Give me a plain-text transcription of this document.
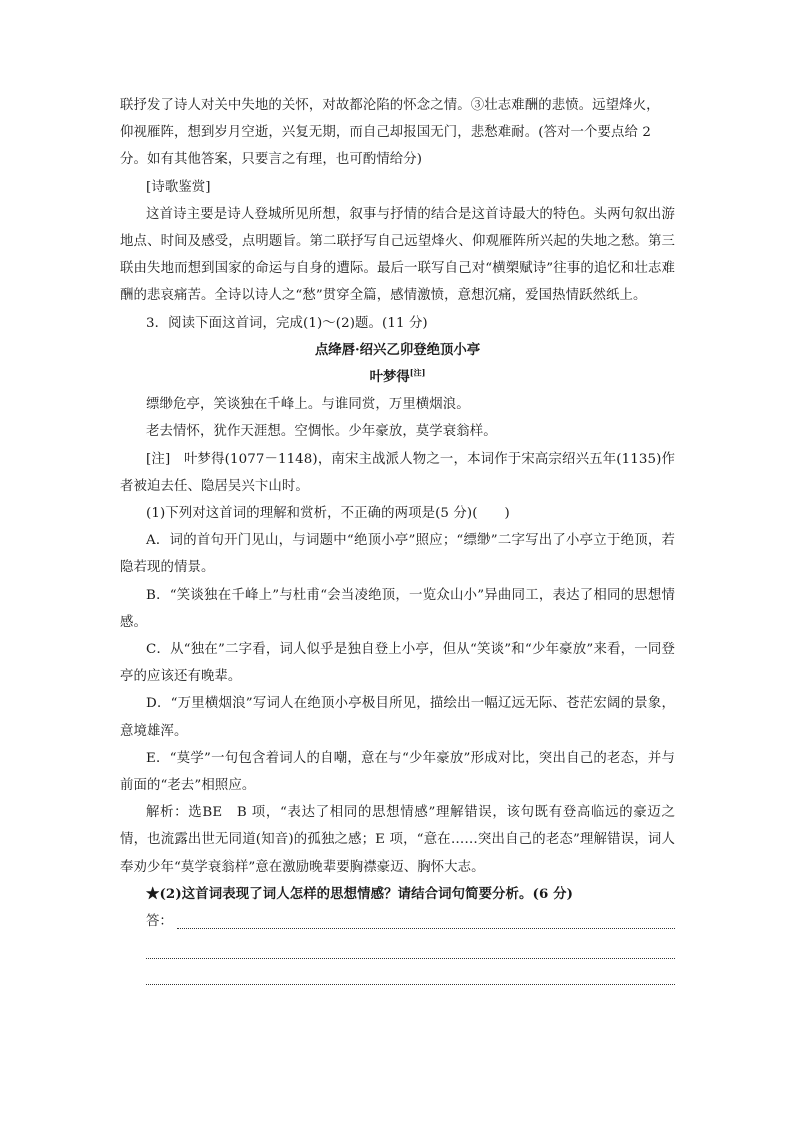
联抒发了诗人对关中失地的关怀，对故都沦陷的怀念之情。③壮志难酬的悲愤。远望烽火，

仰视雁阵，想到岁月空逝，兴复无期，而自己却报国无门，悲愁难耐。(答对一个要点给 2

分。如有其他答案，只要言之有理，也可酌情给分)

[诗歌鉴赏]

这首诗主要是诗人登城所见所想，叙事与抒情的结合是这首诗最大的特色。头两句叙出游地点、时间及感受，点明题旨。第二联抒写自己远望烽火、仰观雁阵所兴起的失地之愁。第三联由失地而想到国家的命运与自身的遭际。最后一联写自己对“横槊赋诗”往事的追忆和壮志难酬的悲哀痛苦。全诗以诗人之“愁”贯穿全篇，感情激愤，意想沉痛，爱国热情跃然纸上。

3．阅读下面这首词，完成(1)～(2)题。(11 分)

点绛唇·绍兴乙卯登绝顶小亭

叶梦得[注]

缥缈危亭，笑谈独在千峰上。与谁同赏，万里横烟浪。

老去情怀，犹作天涯想。空惆怅。少年豪放，莫学衰翁样。

[注]　 叶梦得(1077－1148)，南宋主战派人物之一，本词作于宋高宗绍兴五年(1135)作者被迫去任、隐居吴兴卞山时。

(1)下列对这首词的理解和赏析，不正确的两项是(5 分)(　　)

A．词的首句开门见山，与词题中“绝顶小亭”照应；“缥缈”二字写出了小亭立于绝顶，若隐若现的情景。

B．“笑谈独在千峰上”与杜甫“会当凌绝顶，一览众山小”异曲同工，表达了相同的思想情感。

C．从“独在”二字看，词人似乎是独自登上小亭，但从“笑谈”和“少年豪放”来看，一同登亭的应该还有晚辈。

D．“万里横烟浪”写词人在绝顶小亭极目所见，描绘出一幅辽远无际、苍茫宏阔的景象，意境雄浑。

E．“莫学”一句包含着词人的自嘲，意在与“少年豪放”形成对比，突出自己的老态，并与前面的“老去”相照应。

解析：选BE　B 项，“表达了相同的思想情感”理解错误，该句既有登高临远的豪迈之情，也流露出世无同道(知音)的孤独之感；E 项，“意在……突出自己的老态”理解错误，词人奉劝少年“莫学衰翁样”意在激励晚辈要胸襟豪迈、胸怀大志。

★(2)这首词表现了词人怎样的思想情感？请结合词句简要分析。(6 分)

答：
